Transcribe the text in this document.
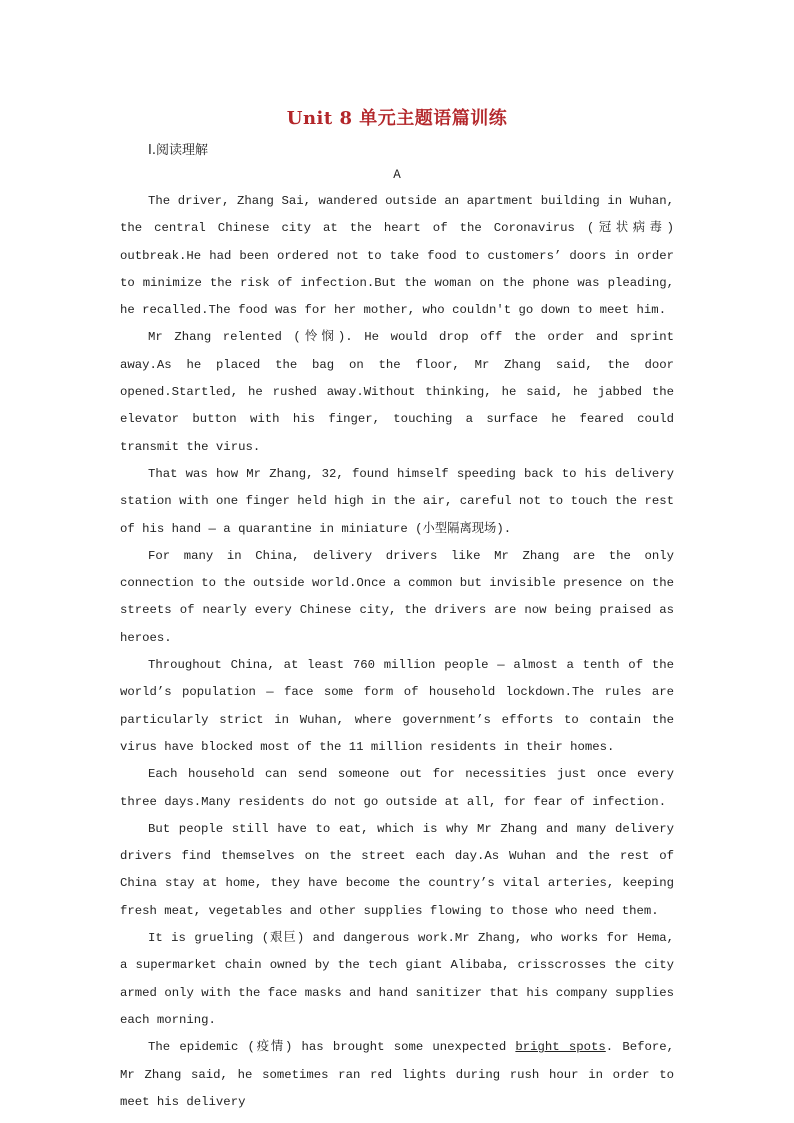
Unit 8 单元主题语篇训练
Ⅰ.阅读理解
A

The driver, Zhang Sai, wandered outside an apartment building in Wuhan, the central Chinese city at the heart of the Coronavirus (冠状病毒) outbreak.He had been ordered not to take food to customers’ doors in order to minimize the risk of infection.But the woman on the phone was pleading, he recalled.The food was for her mother, who couldn't go down to meet him.

Mr Zhang relented (怜悯). He would drop off the order and sprint away.As he placed the bag on the floor, Mr Zhang said, the door opened.Startled, he rushed away.Without thinking, he said, he jabbed the elevator button with his finger, touching a surface he feared could transmit the virus.

That was how Mr Zhang, 32, found himself speeding back to his delivery station with one finger held high in the air, careful not to touch the rest of his hand — a quarantine in miniature (小型隔离现场).

For many in China, delivery drivers like Mr Zhang are the only connection to the outside world.Once a common but invisible presence on the streets of nearly every Chinese city, the drivers are now being praised as heroes.

Throughout China, at least 760 million people — almost a tenth of the world’s population — face some form of household lockdown.The rules are particularly strict in Wuhan, where government’s efforts to contain the virus have blocked most of the 11 million residents in their homes.

Each household can send someone out for necessities just once every three days.Many residents do not go outside at all, for fear of infection.

But people still have to eat, which is why Mr Zhang and many delivery drivers find themselves on the street each day.As Wuhan and the rest of China stay at home, they have become the country’s vital arteries, keeping fresh meat, vegetables and other supplies flowing to those who need them.

It is grueling (艰巨) and dangerous work.Mr Zhang, who works for Hema, a supermarket chain owned by the tech giant Alibaba, crisscrosses the city armed only with the face masks and hand sanitizer that his company supplies each morning.

The epidemic (疫情) has brought some unexpected bright spots. Before, Mr Zhang said, he sometimes ran red lights during rush hour in order to meet his delivery
